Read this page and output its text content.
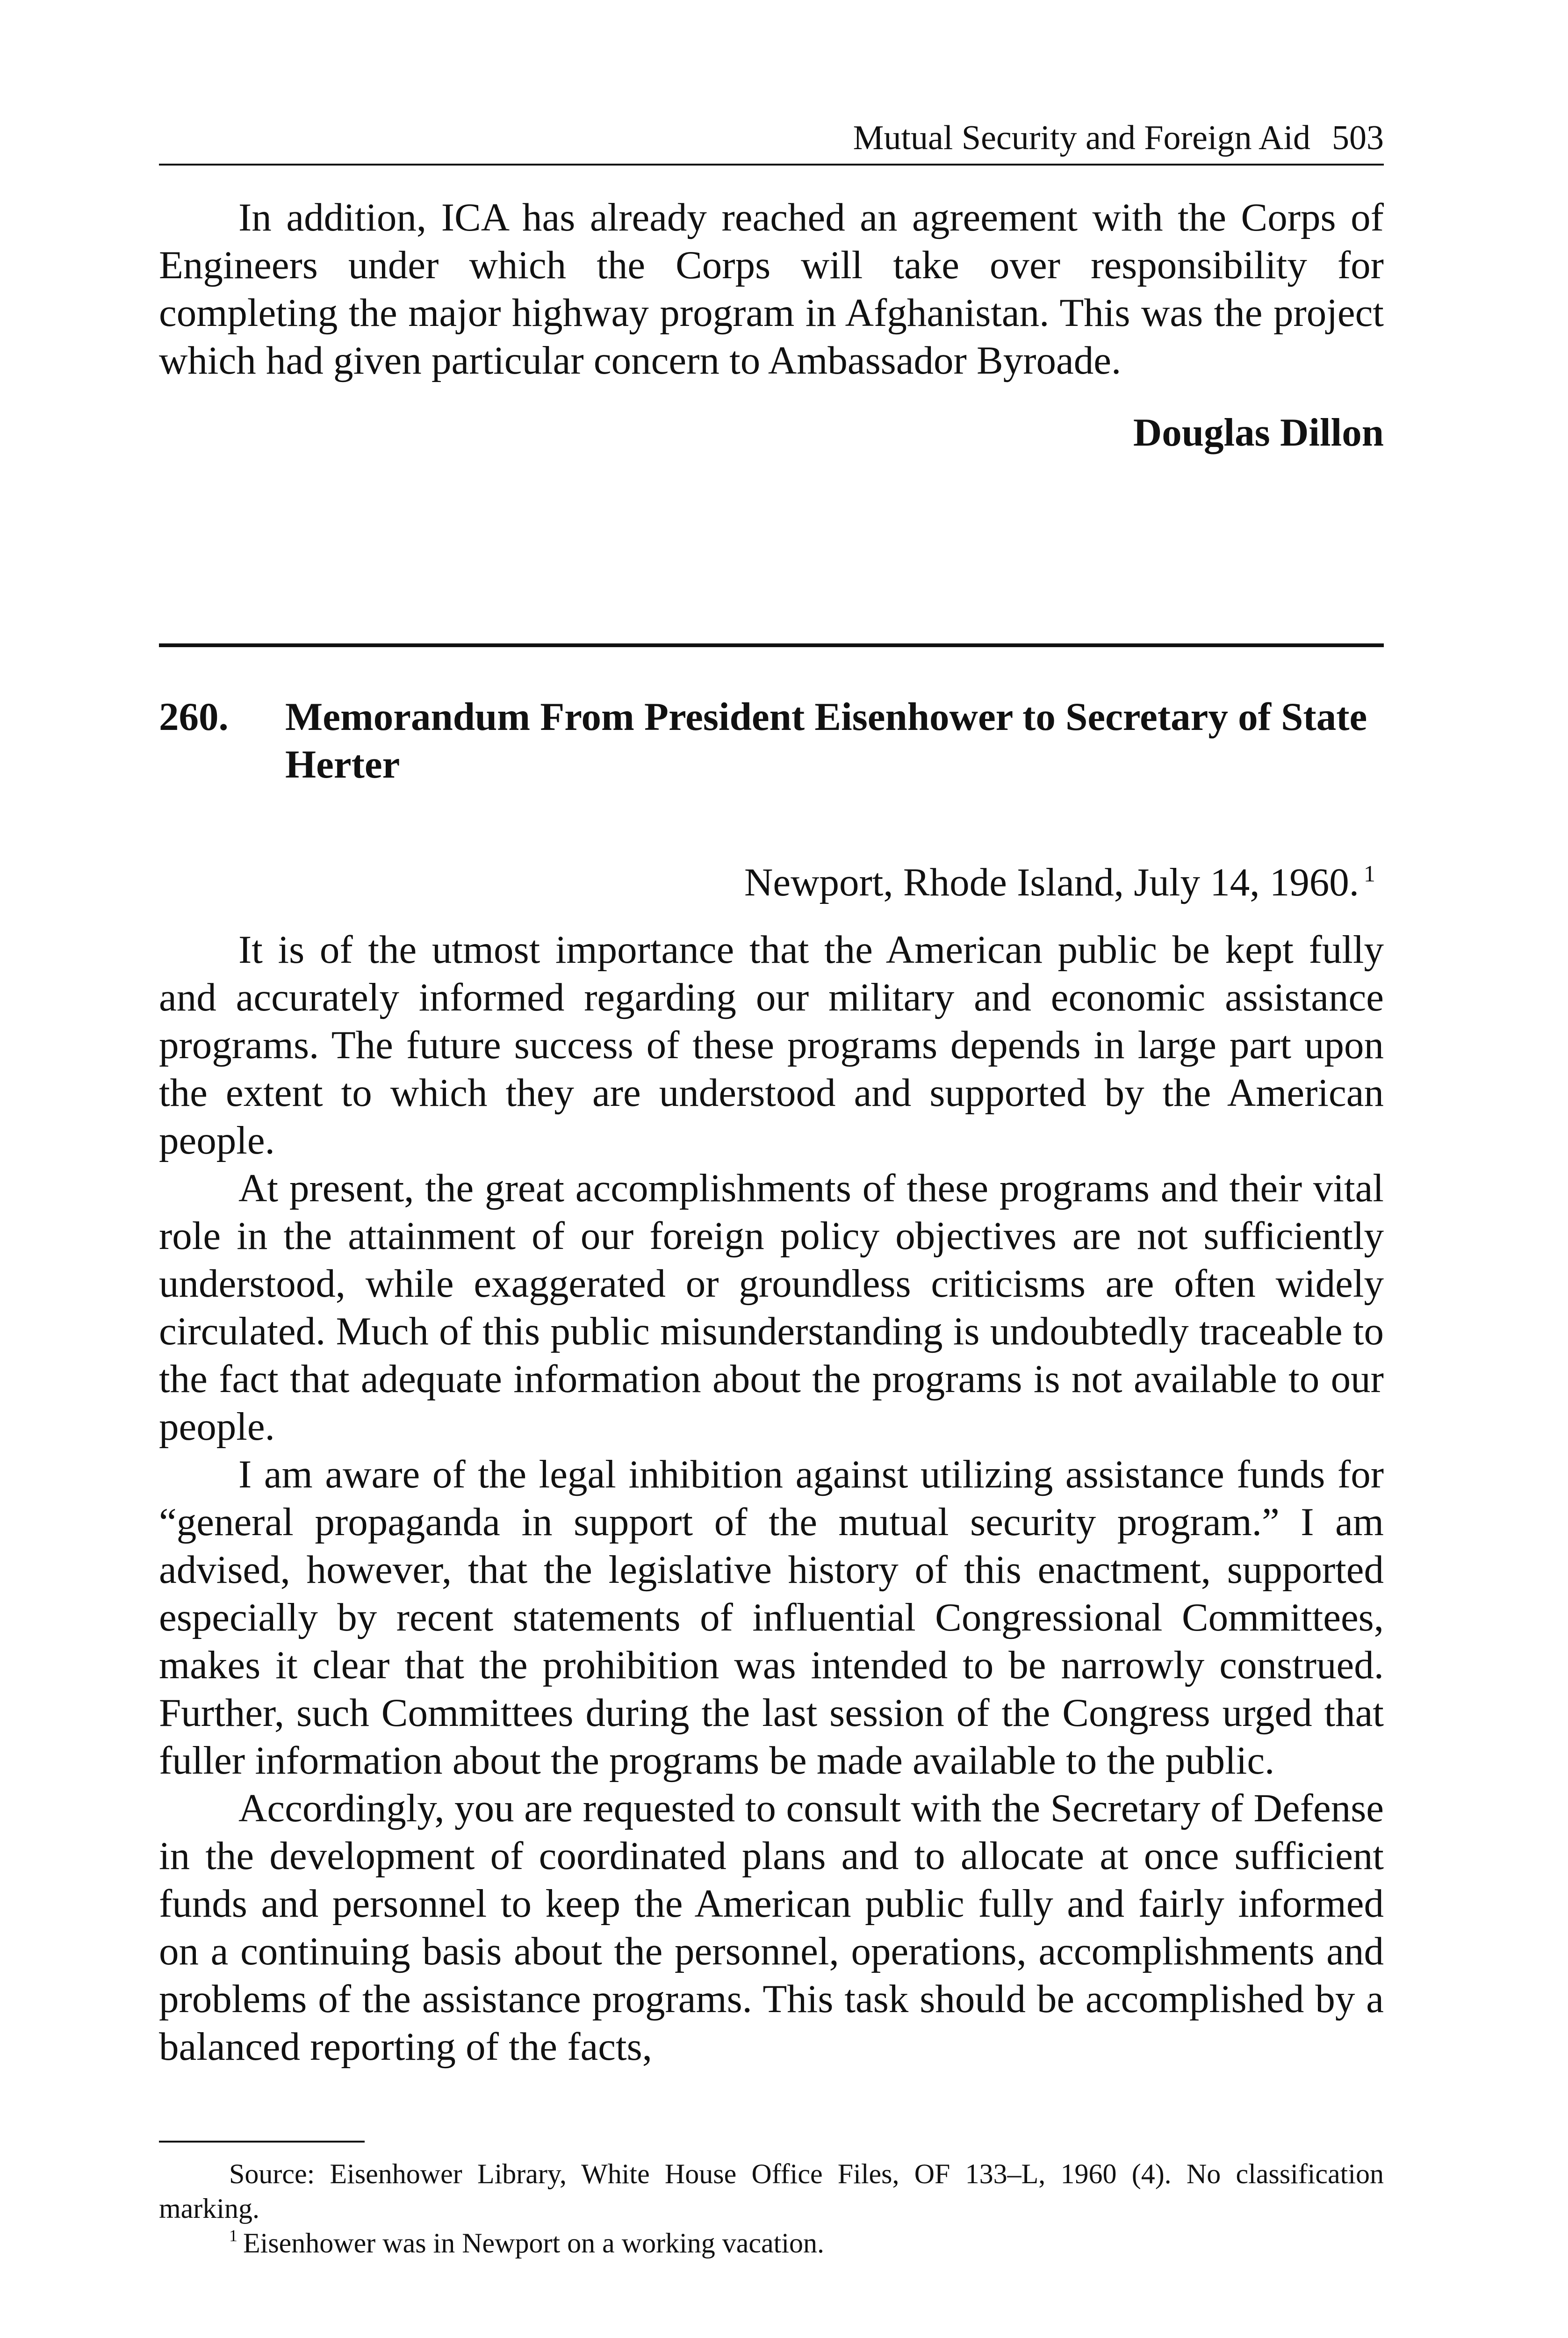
Mutual Security and Foreign Aid 503

In addition, ICA has already reached an agreement with the Corps of Engineers under which the Corps will take over responsibility for completing the major highway program in Afghanistan. This was the project which had given particular concern to Ambassador Byroade.

Douglas Dillon
260.	Memorandum From President Eisenhower to Secretary of State Herter
Newport, Rhode Island, July 14, 1960. $^1$

It is of the utmost importance that the American public be kept fully and accurately informed regarding our military and economic assistance programs. The future success of these programs depends in large part upon the extent to which they are understood and supported by the American people.

At present, the great accomplishments of these programs and their vital role in the attainment of our foreign policy objectives are not sufficiently understood, while exaggerated or groundless criticisms are often widely circulated. Much of this public misunderstanding is undoubtedly traceable to the fact that adequate information about the programs is not available to our people.

I am aware of the legal inhibition against utilizing assistance funds for “general propaganda in support of the mutual security program.” I am advised, however, that the legislative history of this enactment, supported especially by recent statements of influential Congressional Committees, makes it clear that the prohibition was intended to be narrowly construed. Further, such Committees during the last session of the Congress urged that fuller information about the programs be made available to the public.

Accordingly, you are requested to consult with the Secretary of Defense in the development of coordinated plans and to allocate at once sufficient funds and personnel to keep the American public fully and fairly informed on a continuing basis about the personnel, operations, accomplishments and problems of the assistance programs. This task should be accomplished by a balanced reporting of the facts,

Source: Eisenhower Library, White House Office Files, OF 133–L, 1960 (4). No classification marking.

$^1$ Eisenhower was in Newport on a working vacation.
